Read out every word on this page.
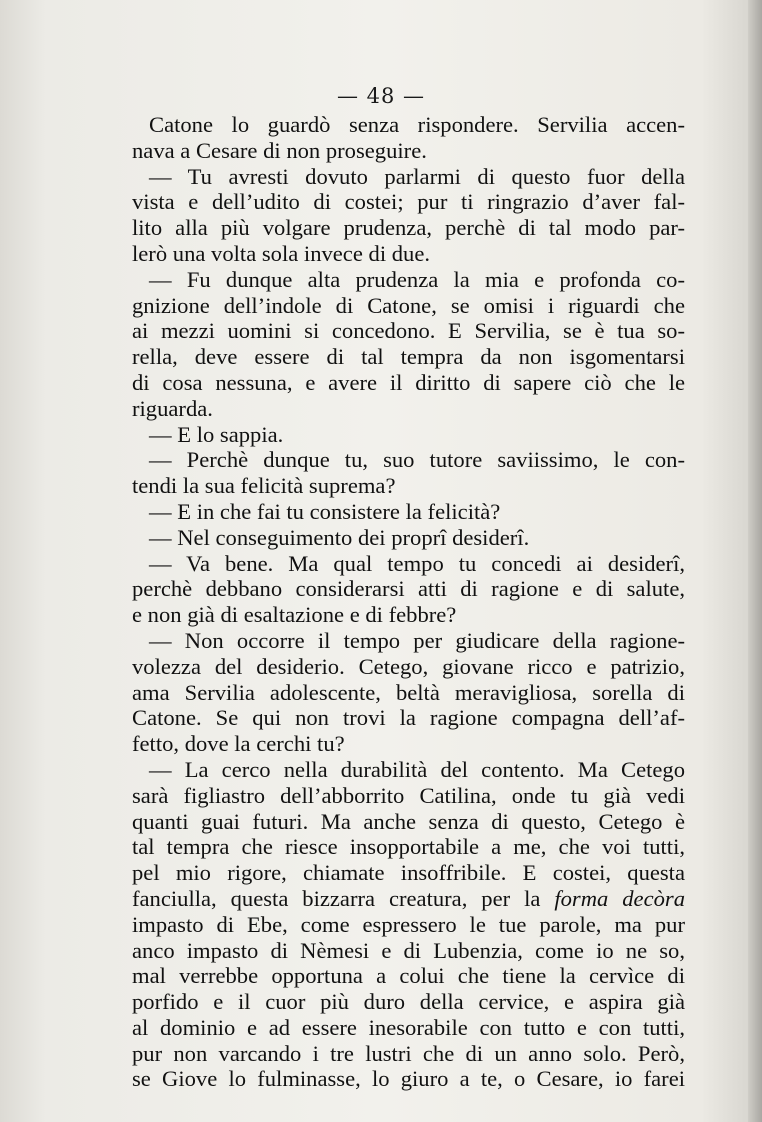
— 48 —
Catone lo guardò senza rispondere. Servilia accen-
nava a Cesare di non proseguire.
— Tu avresti dovuto parlarmi di questo fuor della
vista e dell’udito di costei; pur ti ringrazio d’aver fal-
lito alla più volgare prudenza, perchè di tal modo par-
lerò una volta sola invece di due.
— Fu dunque alta prudenza la mia e profonda co-
gnizione dell’indole di Catone, se omisi i riguardi che
ai mezzi uomini si concedono. E Servilia, se è tua so-
rella, deve essere di tal tempra da non isgomentarsi
di cosa nessuna, e avere il diritto di sapere ciò che le
riguarda.
— E lo sappia.
— Perchè dunque tu, suo tutore saviissimo, le con-
tendi la sua felicità suprema?
— E in che fai tu consistere la felicità?
— Nel conseguimento dei proprî desiderî.
— Va bene. Ma qual tempo tu concedi ai desiderî,
perchè debbano considerarsi atti di ragione e di salute,
e non già di esaltazione e di febbre?
— Non occorre il tempo per giudicare della ragione-
volezza del desiderio. Cetego, giovane ricco e patrizio,
ama Servilia adolescente, beltà meravigliosa, sorella di
Catone. Se qui non trovi la ragione compagna dell’af-
fetto, dove la cerchi tu?
— La cerco nella durabilità del contento. Ma Cetego
sarà figliastro dell’abborrito Catilina, onde tu già vedi
quanti guai futuri. Ma anche senza di questo, Cetego è
tal tempra che riesce insopportabile a me, che voi tutti,
pel mio rigore, chiamate insoffribile. E costei, questa
fanciulla, questa bizzarra creatura, per la forma decòra
impasto di Ebe, come espressero le tue parole, ma pur
anco impasto di Nèmesi e di Lubenzia, come io ne so,
mal verrebbe opportuna a colui che tiene la cervìce di
porfido e il cuor più duro della cervice, e aspira già
al dominio e ad essere inesorabile con tutto e con tutti,
pur non varcando i tre lustri che di un anno solo. Però,
se Giove lo fulminasse, lo giuro a te, o Cesare, io farei
